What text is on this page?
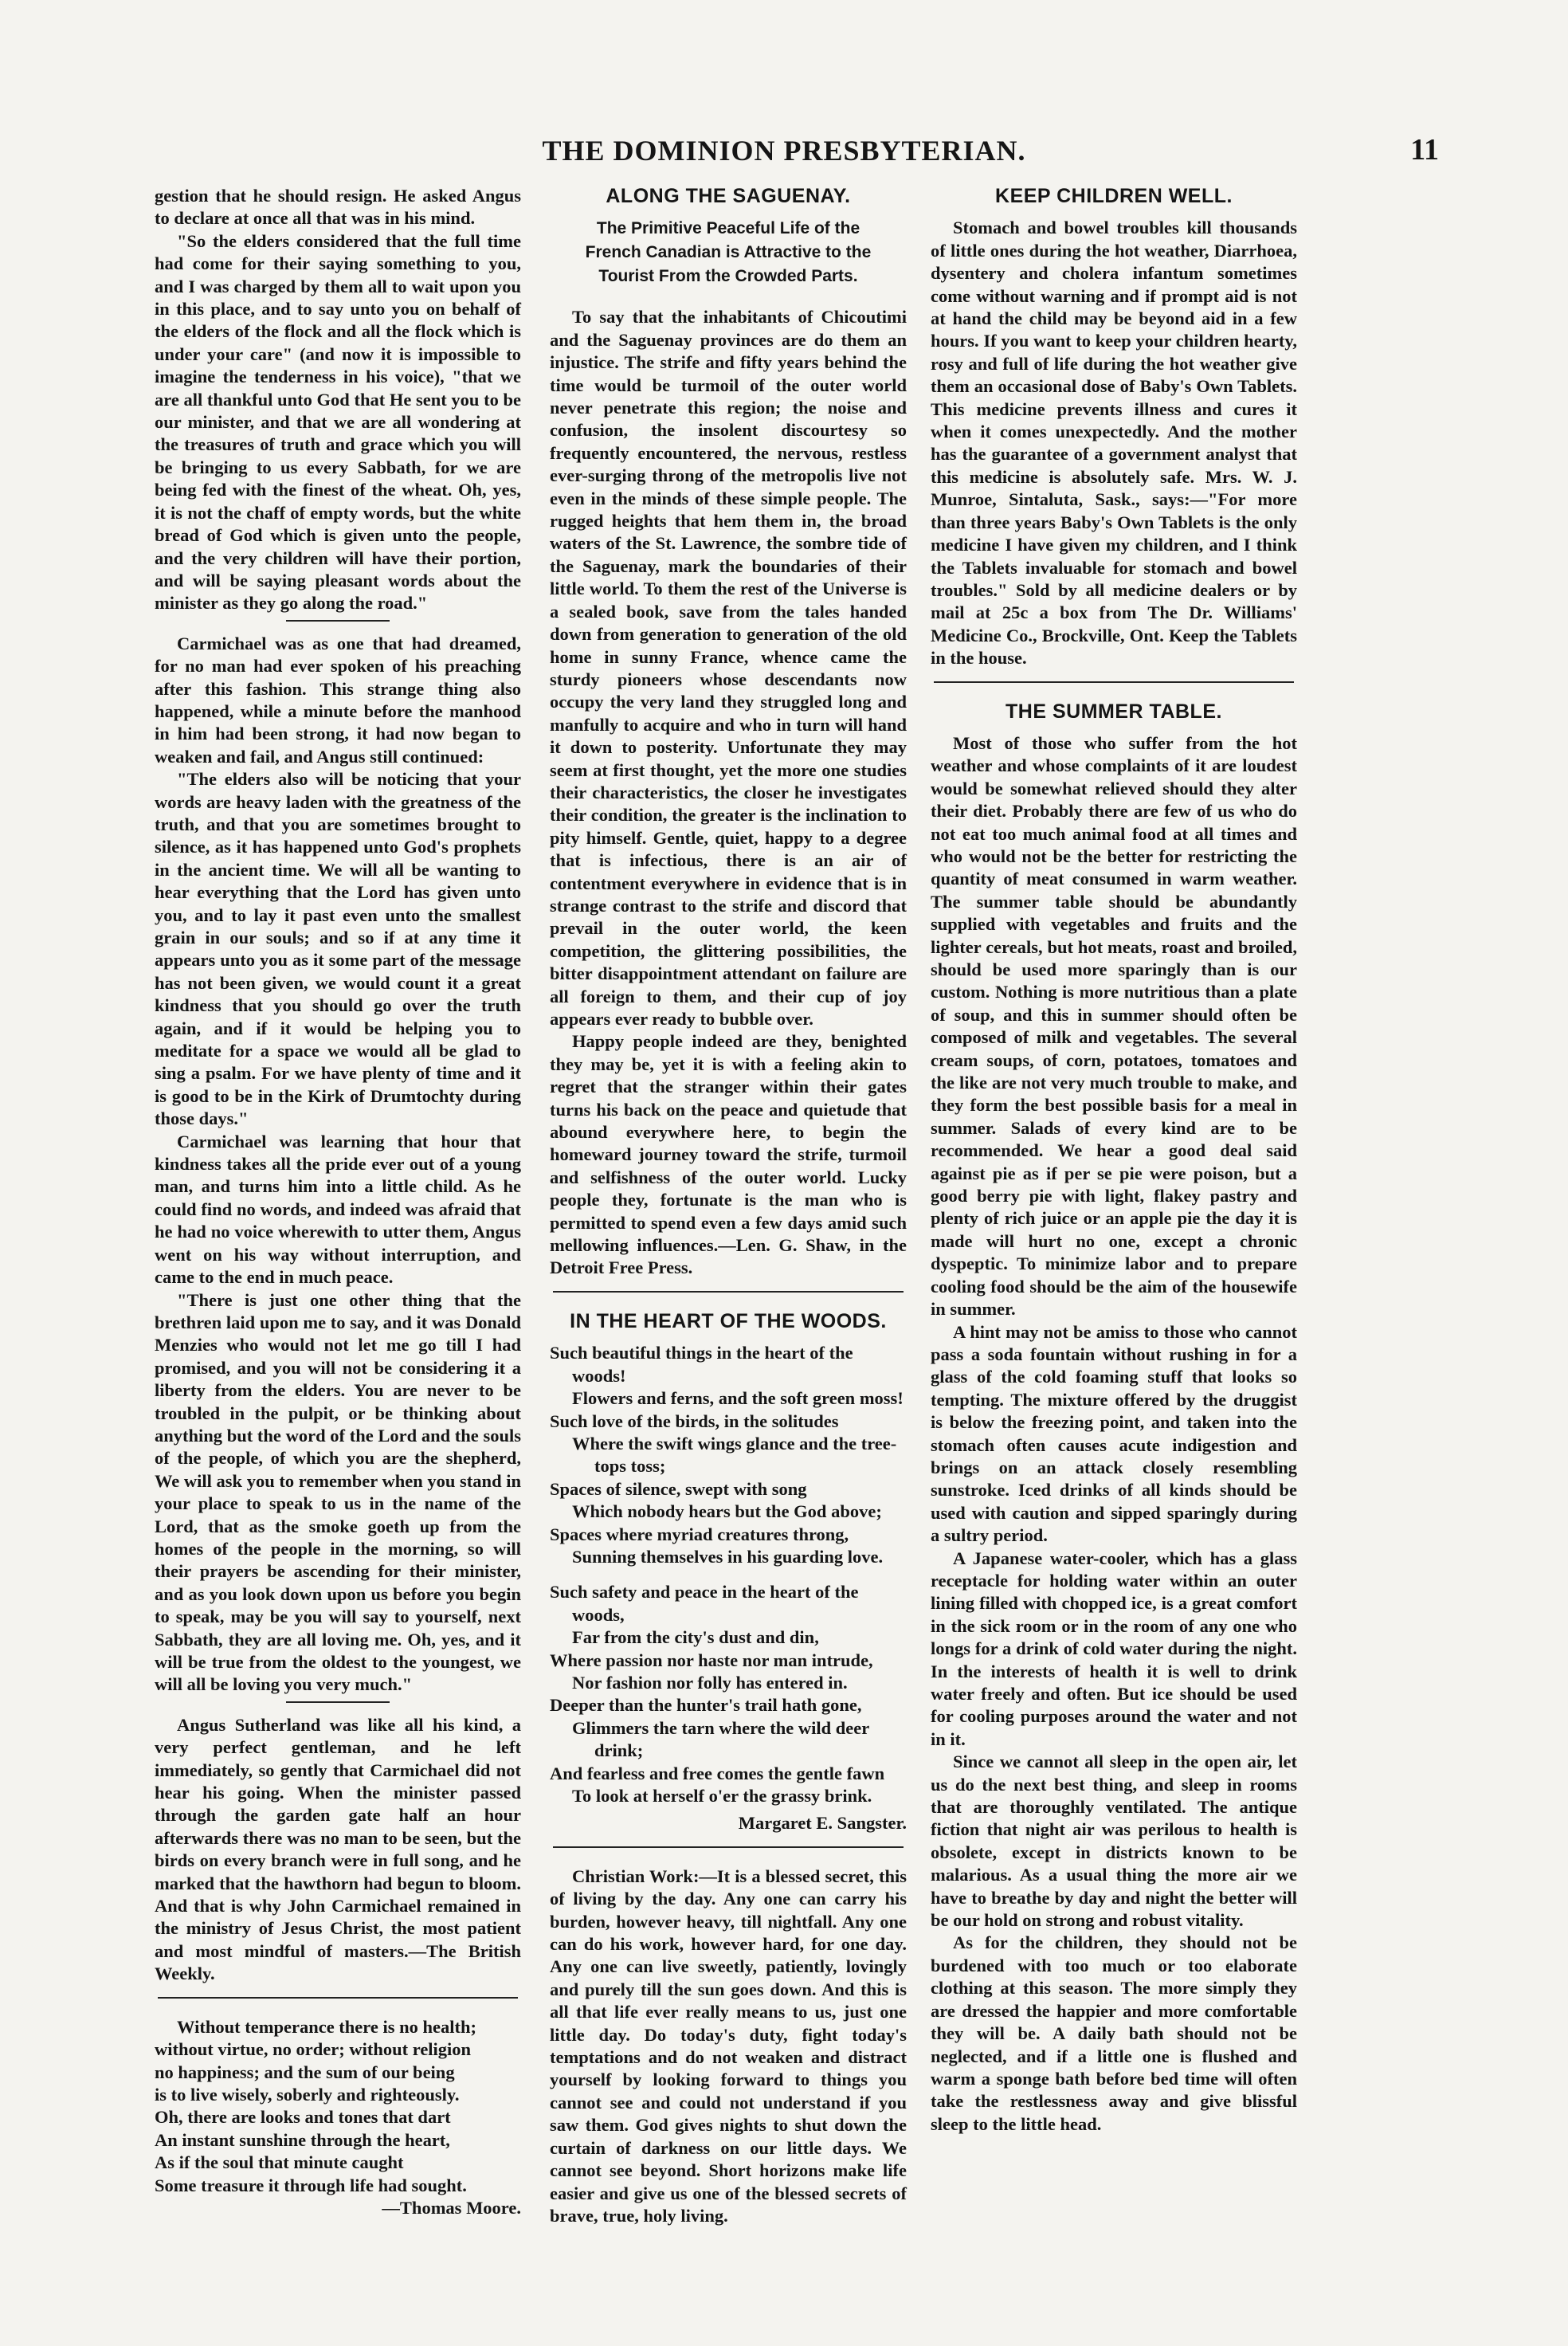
THE DOMINION PRESBYTERIAN.	11

gestion that he should resign. He asked Angus to declare at once all that was in his mind.

"So the elders considered that the full time had come for their saying something to you, and I was charged by them all to wait upon you in this place, and to say unto you on behalf of the elders of the flock and all the flock which is under your care" (and now it is impossible to imagine the tenderness in his voice), "that we are all thankful unto God that He sent you to be our minister, and that we are all wondering at the treasures of truth and grace which you will be bringing to us every Sabbath, for we are being fed with the finest of the wheat. Oh, yes, it is not the chaff of empty words, but the white bread of God which is given unto the people, and the very children will have their portion, and will be saying pleasant words about the minister as they go along the road."

Carmichael was as one that had dreamed, for no man had ever spoken of his preaching after this fashion. This strange thing also happened, while a minute before the manhood in him had been strong, it had now began to weaken and fail, and Angus still continued:

"The elders also will be noticing that your words are heavy laden with the greatness of the truth, and that you are sometimes brought to silence, as it has happened unto God's prophets in the ancient time. We will all be wanting to hear everything that the Lord has given unto you, and to lay it past even unto the smallest grain in our souls; and so if at any time it appears unto you as it some part of the message has not been given, we would count it a great kindness that you should go over the truth again, and if it would be helping you to meditate for a space we would all be glad to sing a psalm. For we have plenty of time and it is good to be in the Kirk of Drumtochty during those days."

Carmichael was learning that hour that kindness takes all the pride ever out of a young man, and turns him into a little child. As he could find no words, and indeed was afraid that he had no voice wherewith to utter them, Angus went on his way without interruption, and came to the end in much peace.

"There is just one other thing that the brethren laid upon me to say, and it was Donald Menzies who would not let me go till I had promised, and you will not be considering it a liberty from the elders. You are never to be troubled in the pulpit, or be thinking about anything but the word of the Lord and the souls of the people, of which you are the shepherd, We will ask you to remember when you stand in your place to speak to us in the name of the Lord, that as the smoke goeth up from the homes of the people in the morning, so will their prayers be ascending for their minister, and as you look down upon us before you begin to speak, may be you will say to yourself, next Sabbath, they are all loving me. Oh, yes, and it will be true from the oldest to the youngest, we will all be loving you very much."

Angus Sutherland was like all his kind, a very perfect gentleman, and he left immediately, so gently that Carmichael did not hear his going. When the minister passed through the garden gate half an hour afterwards there was no man to be seen, but the birds on every branch were in full song, and he marked that the hawthorn had begun to bloom. And that is why John Carmichael remained in the ministry of Jesus Christ, the most patient and most mindful of masters.—The British Weekly.

Without temperance there is no health;
without virtue, no order; without religion
no happiness; and the sum of our being
is to live wisely, soberly and righteously.
Oh, there are looks and tones that dart
An instant sunshine through the heart,
As if the soul that minute caught
Some treasure it through life had sought.
—Thomas Moore.
ALONG THE SAGUENAY.
The Primitive Peaceful Life of the French Canadian is Attractive to the Tourist From the Crowded Parts.

To say that the inhabitants of Chicoutimi and the Saguenay provinces are do them an injustice. The strife and fifty years behind the time would be turmoil of the outer world never penetrate this region; the noise and confusion, the insolent discourtesy so frequently encountered, the nervous, restless ever-surging throng of the metropolis live not even in the minds of these simple people. The rugged heights that hem them in, the broad waters of the St. Lawrence, the sombre tide of the Saguenay, mark the boundaries of their little world. To them the rest of the Universe is a sealed book, save from the tales handed down from generation to generation of the old home in sunny France, whence came the sturdy pioneers whose descendants now occupy the very land they struggled long and manfully to acquire and who in turn will hand it down to posterity. Unfortunate they may seem at first thought, yet the more one studies their characteristics, the closer he investigates their condition, the greater is the inclination to pity himself. Gentle, quiet, happy to a degree that is infectious, there is an air of contentment everywhere in evidence that is in strange contrast to the strife and discord that prevail in the outer world, the keen competition, the glittering possibilities, the bitter disappointment attendant on failure are all foreign to them, and their cup of joy appears ever ready to bubble over.

Happy people indeed are they, benighted they may be, yet it is with a feeling akin to regret that the stranger within their gates turns his back on the peace and quietude that abound everywhere here, to begin the homeward journey toward the strife, turmoil and selfishness of the outer world. Lucky people they, fortunate is the man who is permitted to spend even a few days amid such mellowing influences.—Len. G. Shaw, in the Detroit Free Press.

IN THE HEART OF THE WOODS.
Such beautiful things in the heart of the woods!
Flowers and ferns, and the soft green moss!
Such love of the birds, in the solitudes
Where the swift wings glance and the tree-tops toss;
Spaces of silence, swept with song
Which nobody hears but the God above;
Spaces where myriad creatures throng,
Sunning themselves in his guarding love.
Such safety and peace in the heart of the woods,
Far from the city's dust and din,
Where passion nor haste nor man intrude,
Nor fashion nor folly has entered in.
Deeper than the hunter's trail hath gone,
Glimmers the tarn where the wild deer drink;
And fearless and free comes the gentle fawn
To look at herself o'er the grassy brink.
Margaret E. Sangster.

Christian Work:—It is a blessed secret, this of living by the day. Any one can carry his burden, however heavy, till nightfall. Any one can do his work, however hard, for one day. Any one can live sweetly, patiently, lovingly and purely till the sun goes down. And this is all that life ever really means to us, just one little day. Do today's duty, fight today's temptations and do not weaken and distract yourself by looking forward to things you cannot see and could not understand if you saw them. God gives nights to shut down the curtain of darkness on our little days. We cannot see beyond. Short horizons make life easier and give us one of the blessed secrets of brave, true, holy living.

KEEP CHILDREN WELL.

Stomach and bowel troubles kill thousands of little ones during the hot weather, Diarrhoea, dysentery and cholera infantum sometimes come without warning and if prompt aid is not at hand the child may be beyond aid in a few hours. If you want to keep your children hearty, rosy and full of life during the hot weather give them an occasional dose of Baby's Own Tablets. This medicine prevents illness and cures it when it comes unexpectedly. And the mother has the guarantee of a government analyst that this medicine is absolutely safe. Mrs. W. J. Munroe, Sintaluta, Sask., says:—"For more than three years Baby's Own Tablets is the only medicine I have given my children, and I think the Tablets invaluable for stomach and bowel troubles." Sold by all medicine dealers or by mail at 25c a box from The Dr. Williams' Medicine Co., Brockville, Ont. Keep the Tablets in the house.

THE SUMMER TABLE.

Most of those who suffer from the hot weather and whose complaints of it are loudest would be somewhat relieved should they alter their diet. Probably there are few of us who do not eat too much animal food at all times and who would not be the better for restricting the quantity of meat consumed in warm weather. The summer table should be abundantly supplied with vegetables and fruits and the lighter cereals, but hot meats, roast and broiled, should be used more sparingly than is our custom. Nothing is more nutritious than a plate of soup, and this in summer should often be composed of milk and vegetables. The several cream soups, of corn, potatoes, tomatoes and the like are not very much trouble to make, and they form the best possible basis for a meal in summer. Salads of every kind are to be recommended. We hear a good deal said against pie as if per se pie were poison, but a good berry pie with light, flakey pastry and plenty of rich juice or an apple pie the day it is made will hurt no one, except a chronic dyspeptic. To minimize labor and to prepare cooling food should be the aim of the housewife in summer.

A hint may not be amiss to those who cannot pass a soda fountain without rushing in for a glass of the cold foaming stuff that looks so tempting. The mixture offered by the druggist is below the freezing point, and taken into the stomach often causes acute indigestion and brings on an attack closely resembling sunstroke. Iced drinks of all kinds should be used with caution and sipped sparingly during a sultry period.

A Japanese water-cooler, which has a glass receptacle for holding water within an outer lining filled with chopped ice, is a great comfort in the sick room or in the room of any one who longs for a drink of cold water during the night. In the interests of health it is well to drink water freely and often. But ice should be used for cooling purposes around the water and not in it.

Since we cannot all sleep in the open air, let us do the next best thing, and sleep in rooms that are thoroughly ventilated. The antique fiction that night air was perilous to health is obsolete, except in districts known to be malarious. As a usual thing the more air we have to breathe by day and night the better will be our hold on strong and robust vitality.

As for the children, they should not be burdened with too much or too elaborate clothing at this season. The more simply they are dressed the happier and more comfortable they will be. A daily bath should not be neglected, and if a little one is flushed and warm a sponge bath before bed time will often take the restlessness away and give blissful sleep to the little head.
